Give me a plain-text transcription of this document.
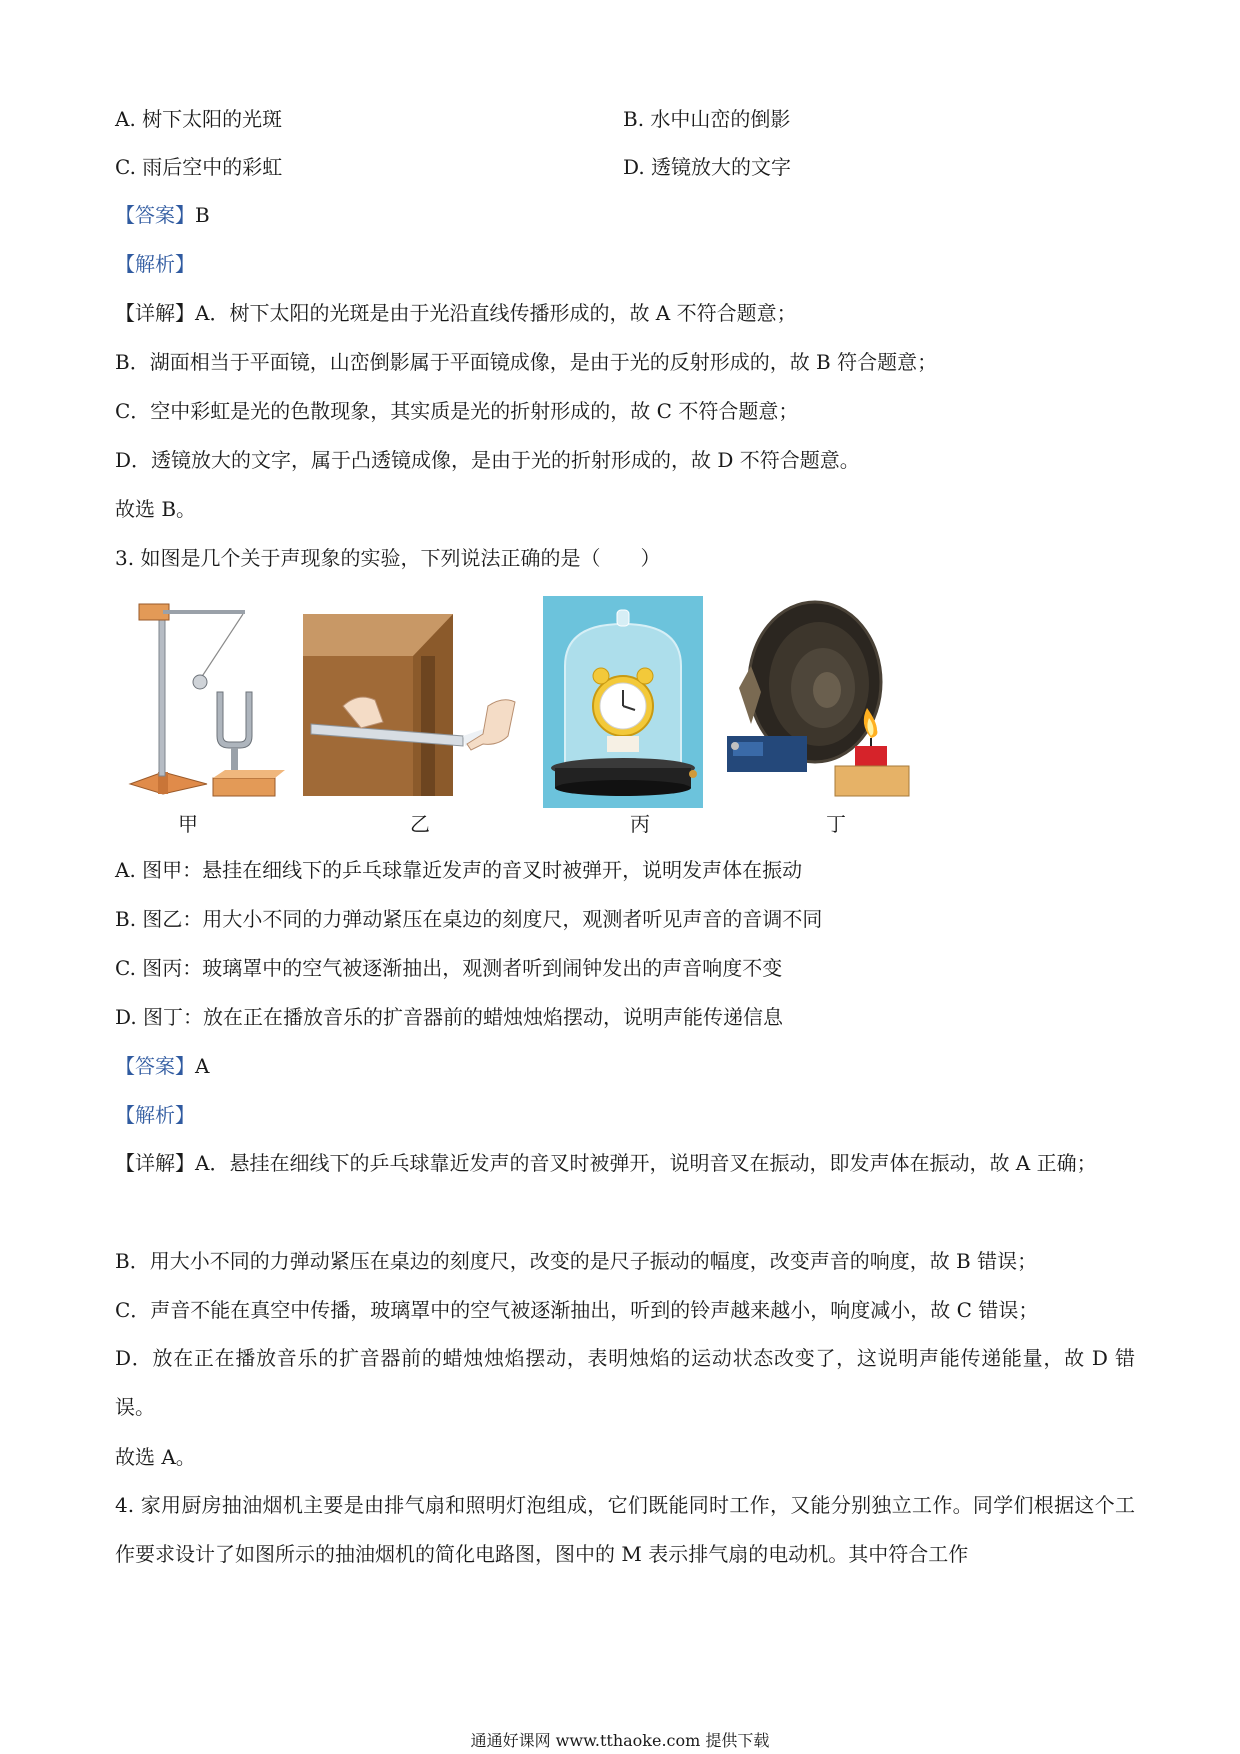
A. 树下太阳的光斑	B. 水中山峦的倒影
C. 雨后空中的彩虹	D. 透镜放大的文字
【答案】B
【解析】
【详解】A．树下太阳的光斑是由于光沿直线传播形成的，故 A 不符合题意；
B．湖面相当于平面镜，山峦倒影属于平面镜成像，是由于光的反射形成的，故 B 符合题意；
C．空中彩虹是光的色散现象，其实质是光的折射形成的，故 C 不符合题意；
D．透镜放大的文字，属于凸透镜成像，是由于光的折射形成的，故 D 不符合题意。
故选 B。
3. 如图是几个关于声现象的实验，下列说法正确的是（　　）
甲	乙	丙	丁
A. 图甲：悬挂在细线下的乒乓球靠近发声的音叉时被弹开，说明发声体在振动
B. 图乙：用大小不同的力弹动紧压在桌边的刻度尺，观测者听见声音的音调不同
C. 图丙：玻璃罩中的空气被逐渐抽出，观测者听到闹钟发出的声音响度不变
D. 图丁：放在正在播放音乐的扩音器前的蜡烛烛焰摆动，说明声能传递信息
【答案】A
【解析】
【详解】A．悬挂在细线下的乒乓球靠近发声的音叉时被弹开，说明音叉在振动，即发声体在振动，故 A 正确；
B．用大小不同的力弹动紧压在桌边的刻度尺，改变的是尺子振动的幅度，改变声音的响度，故 B 错误；
C．声音不能在真空中传播，玻璃罩中的空气被逐渐抽出，听到的铃声越来越小，响度减小，故 C 错误；
D．放在正在播放音乐的扩音器前的蜡烛烛焰摆动，表明烛焰的运动状态改变了，这说明声能传递能量，故 D 错误。
故选 A。
4. 家用厨房抽油烟机主要是由排气扇和照明灯泡组成，它们既能同时工作，又能分别独立工作。同学们根据这个工作要求设计了如图所示的抽油烟机的简化电路图，图中的 M 表示排气扇的电动机。其中符合工作
通通好课网 www.tthaoke.com 提供下载
